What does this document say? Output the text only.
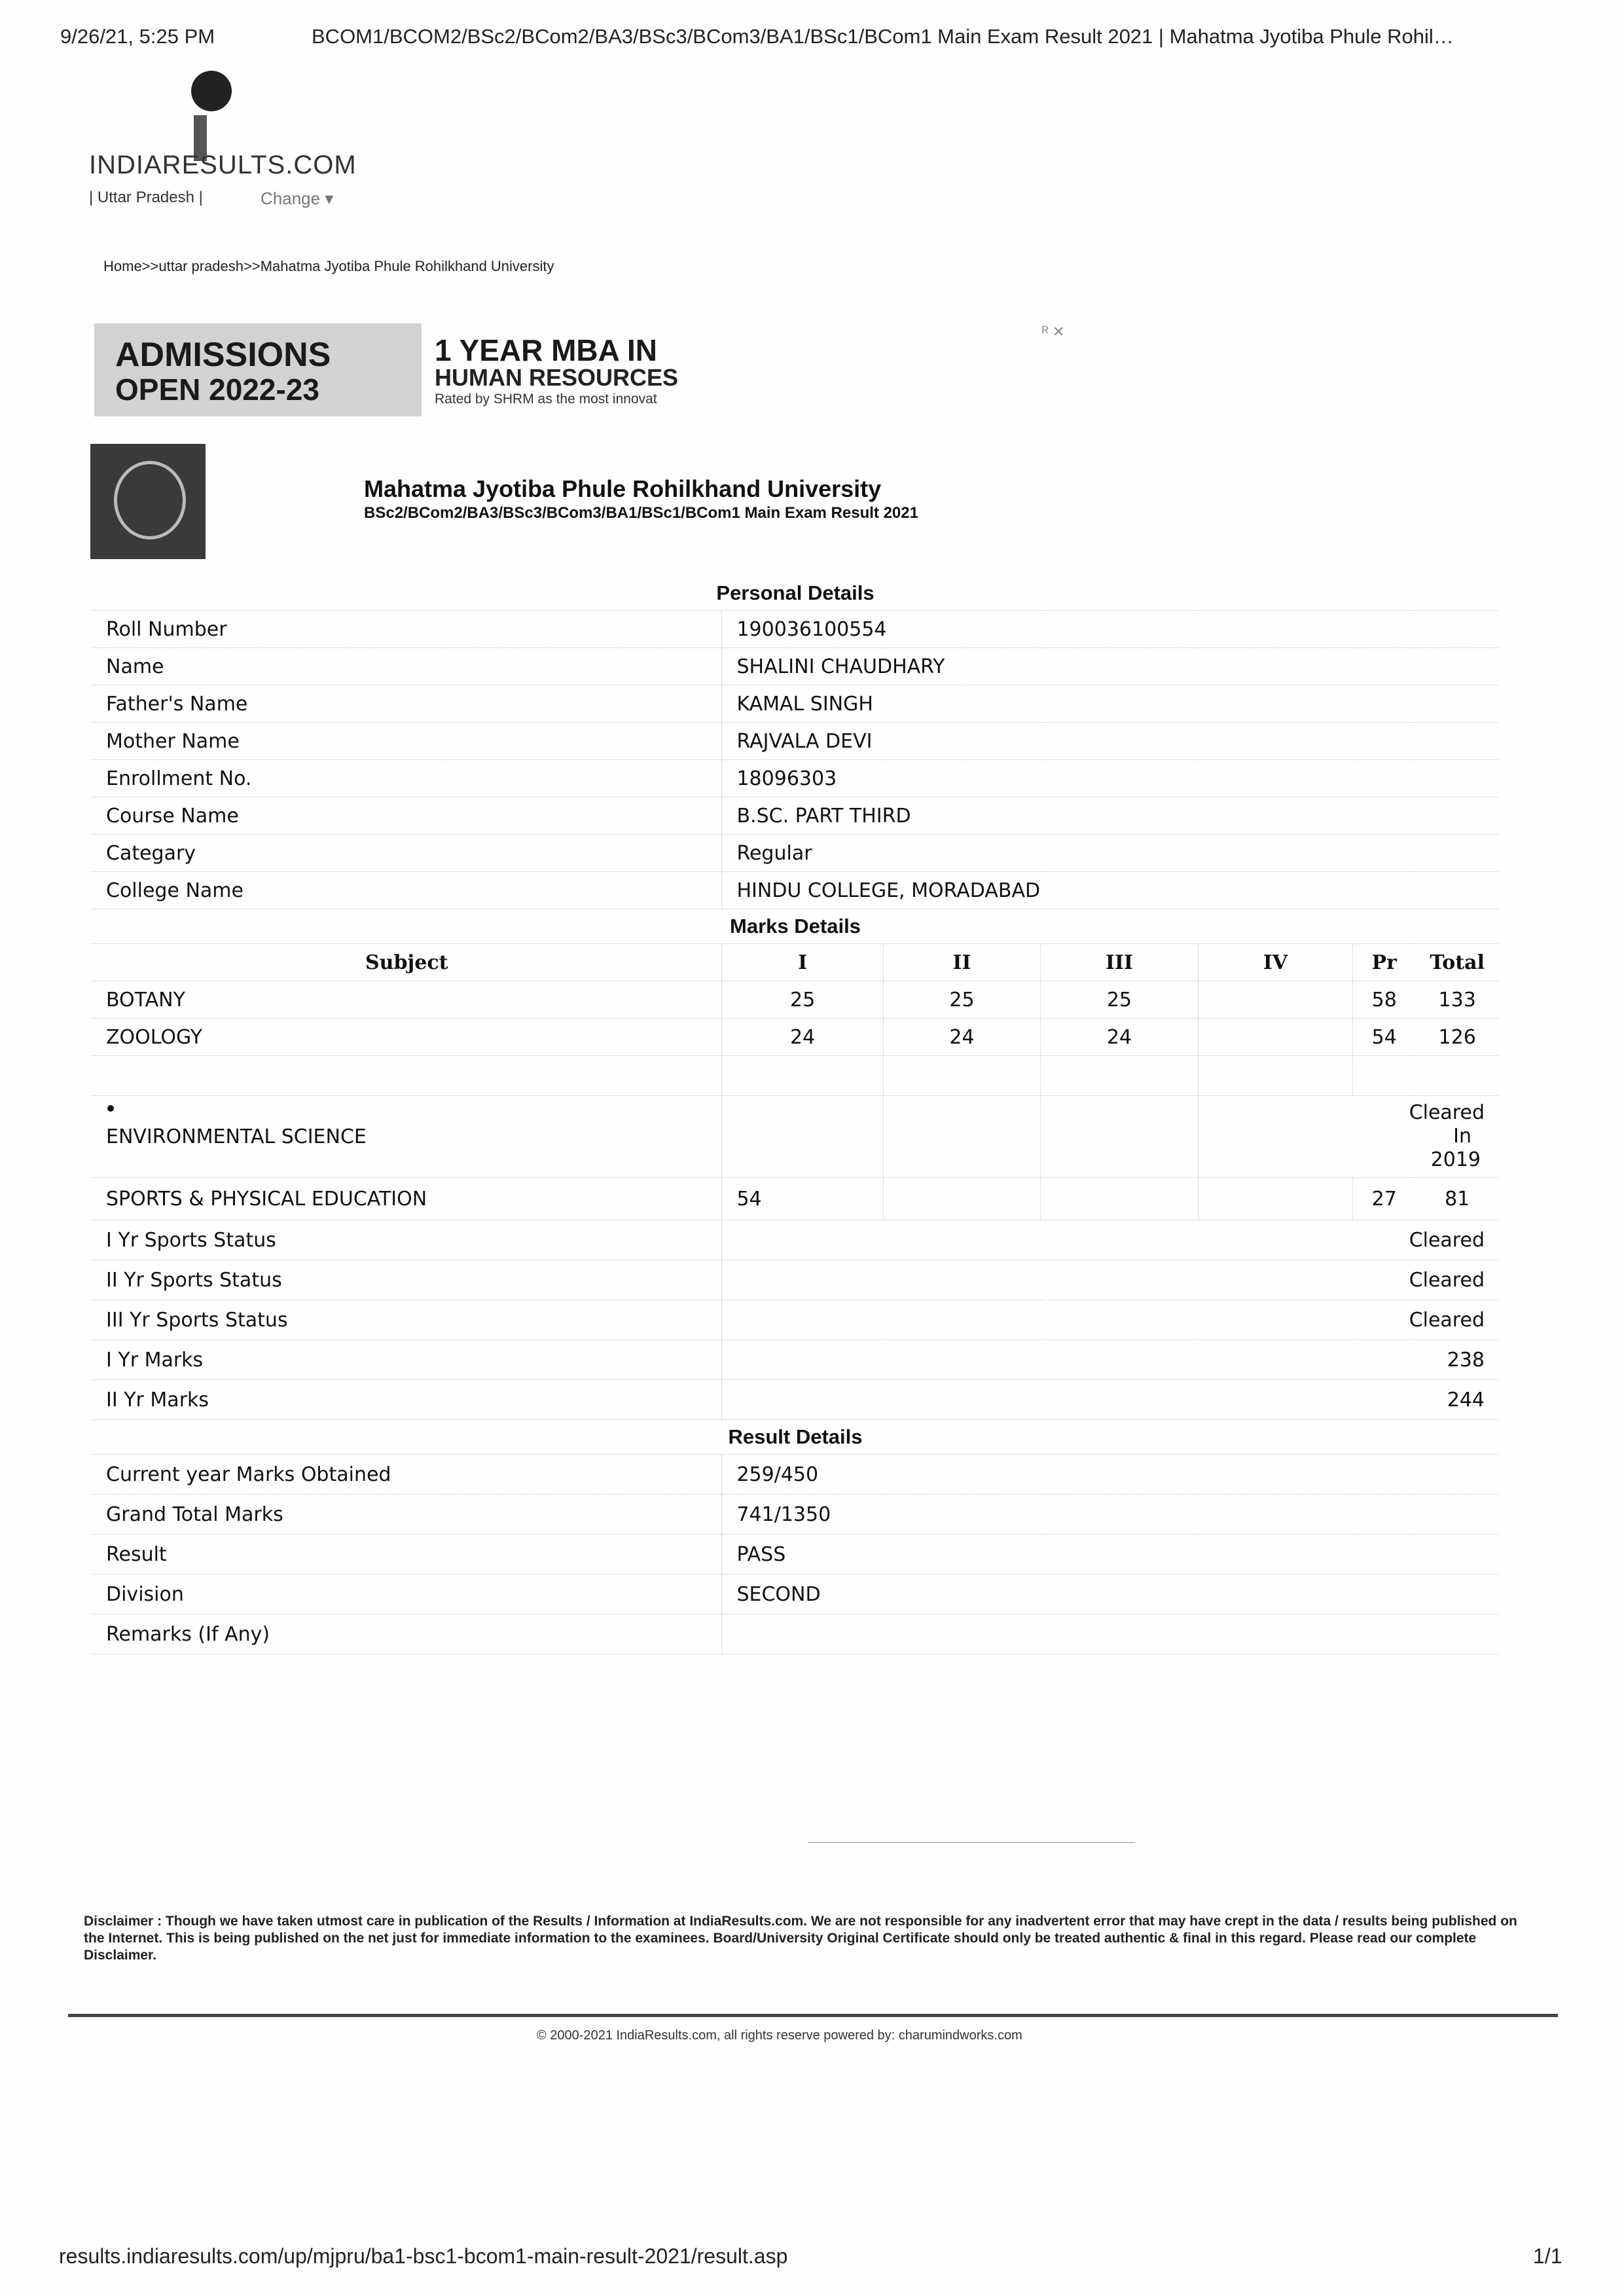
9/26/21, 5:25 PM	BCOM1/BCOM2/BSc2/BCom2/BA3/BSc3/BCom3/BA1/BSc1/BCom1 Main Exam Result 2021 | Mahatma Jyotiba Phule Rohil…
INDIARESULTS.COM
| Uttar Pradesh |	Change ▾
Home>>uttar pradesh>>Mahatma Jyotiba Phule Rohilkhand University
ADMISSIONS
OPEN 2022-23
1 YEAR MBA IN
HUMAN RESOURCES
Rated by SHRM as the most innovat
ᴿ ✕
Mahatma Jyotiba Phule Rohilkhand University
BSc2/BCom2/BA3/BSc3/BCom3/BA1/BSc1/BCom1 Main Exam Result 2021
Personal Details						
Roll Number	190036100554					
Name	SHALINI CHAUDHARY					
Father's Name	KAMAL SINGH					
Mother Name	RAJVALA DEVI					
Enrollment No.	18096303					
Course Name	B.SC. PART THIRD					
Categary	Regular					
College Name	HINDU COLLEGE, MORADABAD					
Marks Details						
Subject	I	II	III	IV	Pr	Total
BOTANY	25	25	25		58	133
ZOOLOGY	24	24	24		54	126

ENVIRONMENTAL SCIENCE					Cleared
In
2019	

SPORTS & PHYSICAL EDUCATION	54				27	81
I Yr Sports Status	Cleared					
II Yr Sports Status	Cleared					
III Yr Sports Status	Cleared					
I Yr Marks	238					
II Yr Marks	244					
Result Details						
Current year Marks Obtained	259/450					
Grand Total Marks	741/1350					
Result	PASS					
Division	SECOND					
Remarks (If Any)						
Disclaimer : Though we have taken utmost care in publication of the Results / Information at IndiaResults.com. We are not responsible for any inadvertent error that may have crept in the data / results being published on the Internet. This is being published on the net just for immediate information to the examinees. Board/University Original Certificate should only be treated authentic & final in this regard. Please read our complete Disclaimer.
© 2000-2021 IndiaResults.com, all rights reserve powered by: charumindworks.com
results.indiaresults.com/up/mjpru/ba1-bsc1-bcom1-main-result-2021/result.asp	1/1
